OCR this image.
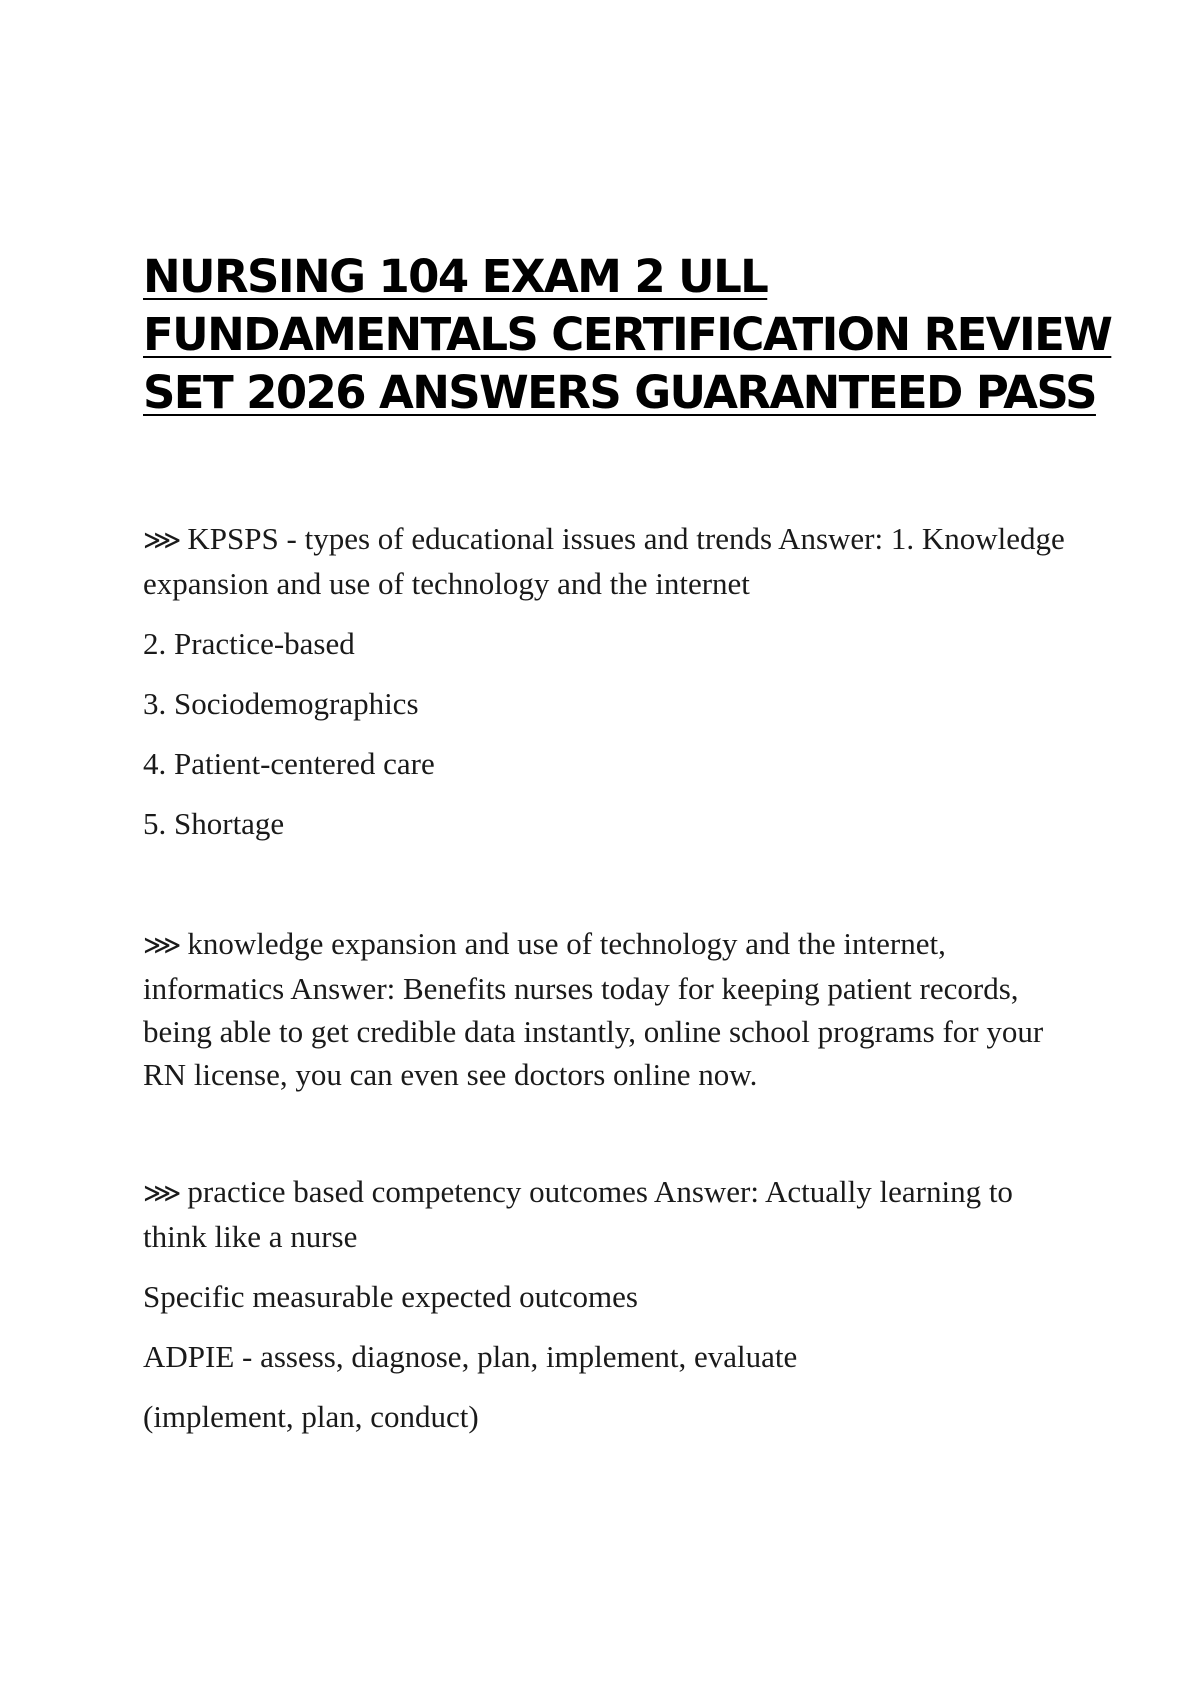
NURSING 104 EXAM 2 ULL
FUNDAMENTALS CERTIFICATION REVIEW
SET 2026 ANSWERS GUARANTEED PASS

⋙ KPSPS - types of educational issues and trends Answer: 1. Knowledge expansion and use of technology and the internet

2. Practice-based

3. Sociodemographics

4. Patient-centered care

5. Shortage

⋙ knowledge expansion and use of technology and the internet, informatics Answer: Benefits nurses today for keeping patient records, being able to get credible data instantly, online school programs for your RN license, you can even see doctors online now.

⋙ practice based competency outcomes Answer: Actually learning to think like a nurse

Specific measurable expected outcomes

ADPIE - assess, diagnose, plan, implement, evaluate

(implement, plan, conduct)
